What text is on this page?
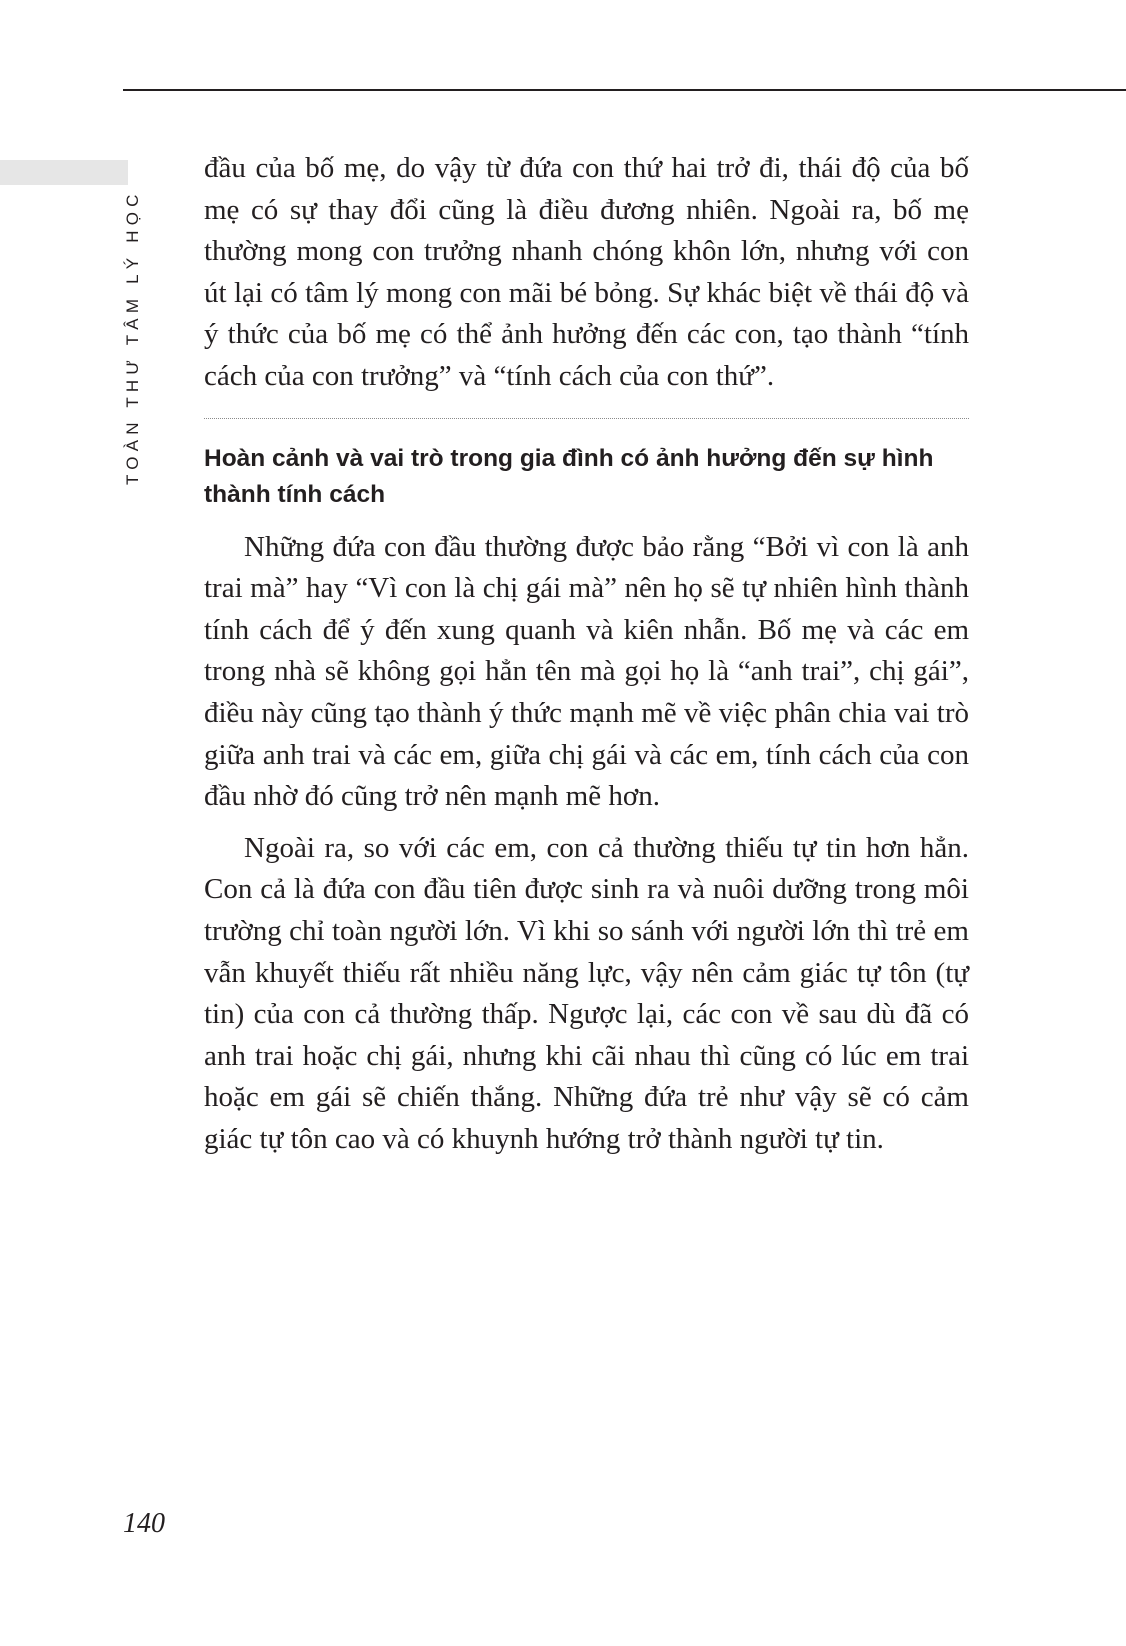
TOÀN THƯ TÂM LÝ HỌC

đầu của bố mẹ, do vậy từ đứa con thứ hai trở đi, thái độ của bố mẹ có sự thay đổi cũng là điều đương nhiên. Ngoài ra, bố mẹ thường mong con trưởng nhanh chóng khôn lớn, nhưng với con út lại có tâm lý mong con mãi bé bỏng. Sự khác biệt về thái độ và ý thức của bố mẹ có thể ảnh hưởng đến các con, tạo thành “tính cách của con trưởng” và “tính cách của con thứ”.

Hoàn cảnh và vai trò trong gia đình có ảnh hưởng đến sự hình thành tính cách

Những đứa con đầu thường được bảo rằng “Bởi vì con là anh trai mà” hay “Vì con là chị gái mà” nên họ sẽ tự nhiên hình thành tính cách để ý đến xung quanh và kiên nhẫn. Bố mẹ và các em trong nhà sẽ không gọi hẳn tên mà gọi họ là “anh trai”, chị gái”, điều này cũng tạo thành ý thức mạnh mẽ về việc phân chia vai trò giữa anh trai và các em, giữa chị gái và các em, tính cách của con đầu nhờ đó cũng trở nên mạnh mẽ hơn.

Ngoài ra, so với các em, con cả thường thiếu tự tin hơn hẳn. Con cả là đứa con đầu tiên được sinh ra và nuôi dưỡng trong môi trường chỉ toàn người lớn. Vì khi so sánh với người lớn thì trẻ em vẫn khuyết thiếu rất nhiều năng lực, vậy nên cảm giác tự tôn (tự tin) của con cả thường thấp. Ngược lại, các con về sau dù đã có anh trai hoặc chị gái, nhưng khi cãi nhau thì cũng có lúc em trai hoặc em gái sẽ chiến thắng. Những đứa trẻ như vậy sẽ có cảm giác tự tôn cao và có khuynh hướng trở thành người tự tin.

140
